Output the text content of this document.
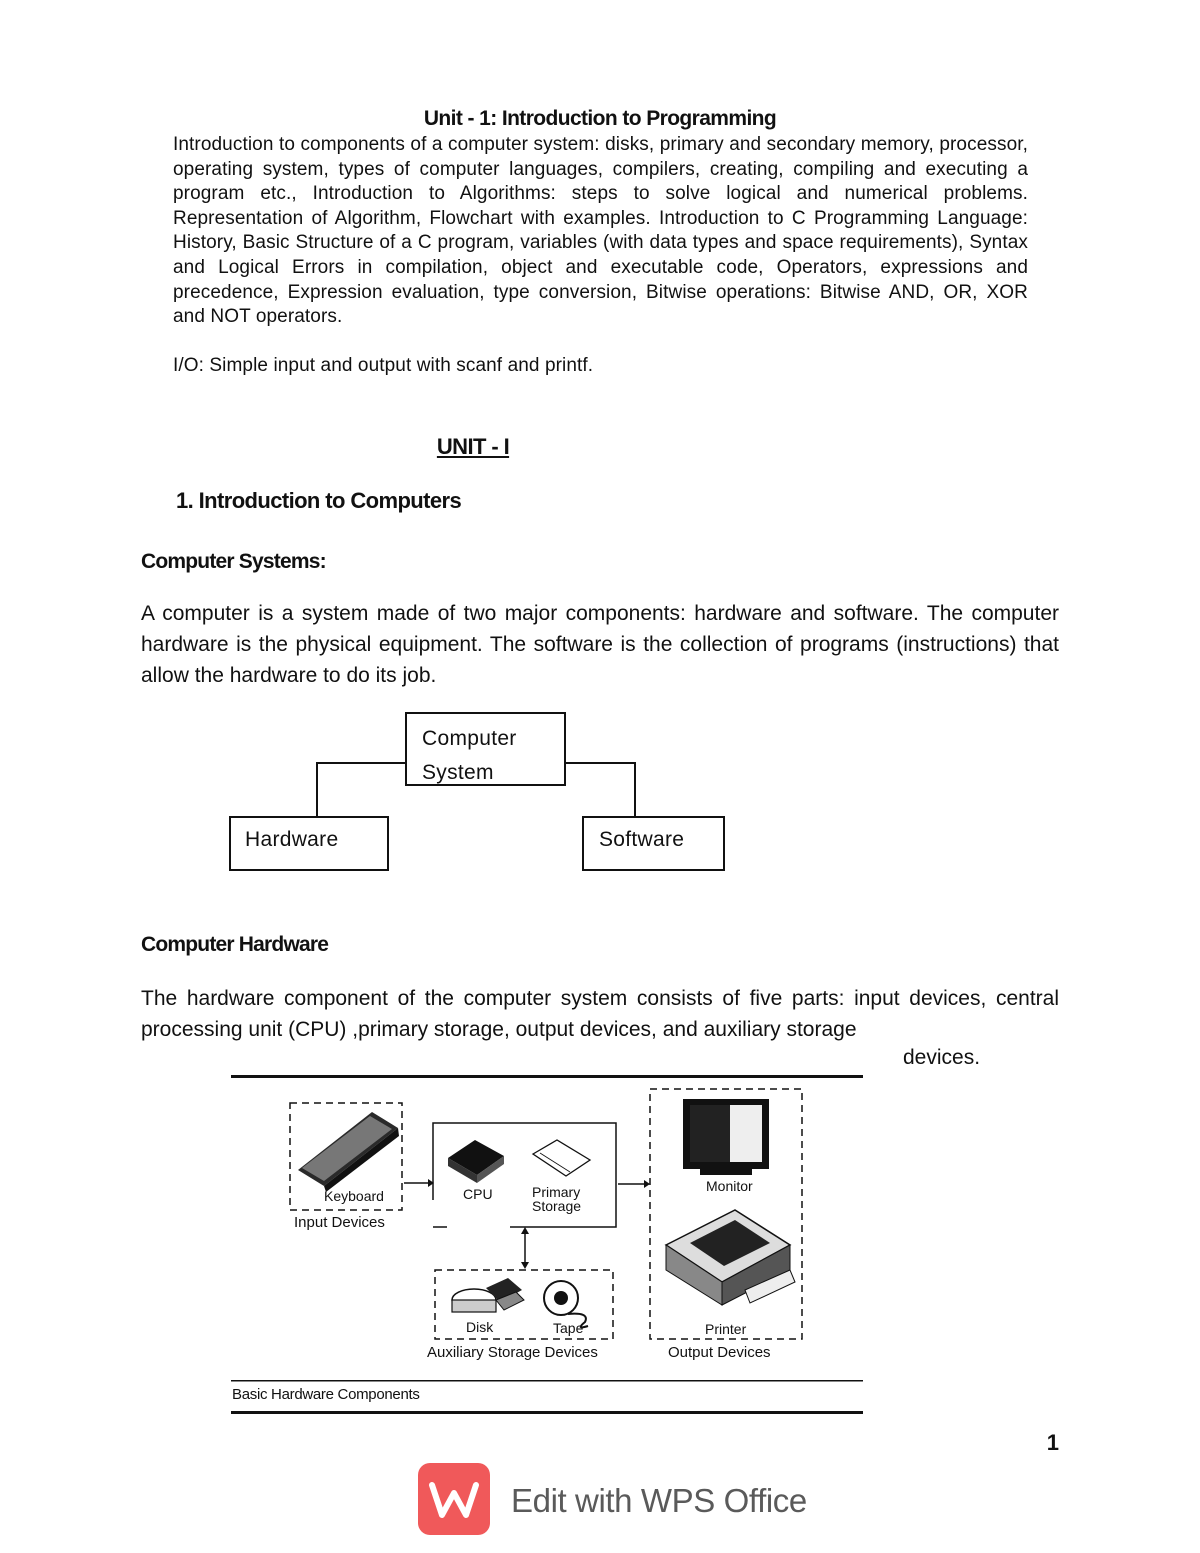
Unit - 1: Introduction to Programming

Introduction to components of a computer system: disks, primary and secondary memory, processor, operating system, types of computer languages, compilers, creating, compiling and executing a program etc., Introduction to Algorithms: steps to solve logical and numerical problems. Representation of Algorithm, Flowchart with examples. Introduction to C Programming Language: History, Basic Structure of a C program, variables (with data types and space requirements), Syntax and Logical Errors in compilation, object and executable code, Operators, expressions and precedence, Expression evaluation, type conversion, Bitwise operations: Bitwise AND, OR, XOR and NOT operators.

I/O: Simple input and output with scanf and printf.

UNIT - I
1. Introduction to Computers
Computer Systems:

A computer is a system made of two major components: hardware and software. The computer hardware is the physical equipment. The software is the collection of programs (instructions) that allow the hardware to do its job.

Computer
System
Hardware	Software
Computer Hardware

The hardware component of the computer system consists of five parts: input devices, central processing unit (CPU) ,primary storage, output devices, and auxiliary storage

devices.
Keyboard
Input Devices
CPU	Primary
Storage
Monitor
Printer
Output Devices
Disk	Tape
Auxiliary Storage Devices
Basic Hardware Components
1
Edit with WPS Office
